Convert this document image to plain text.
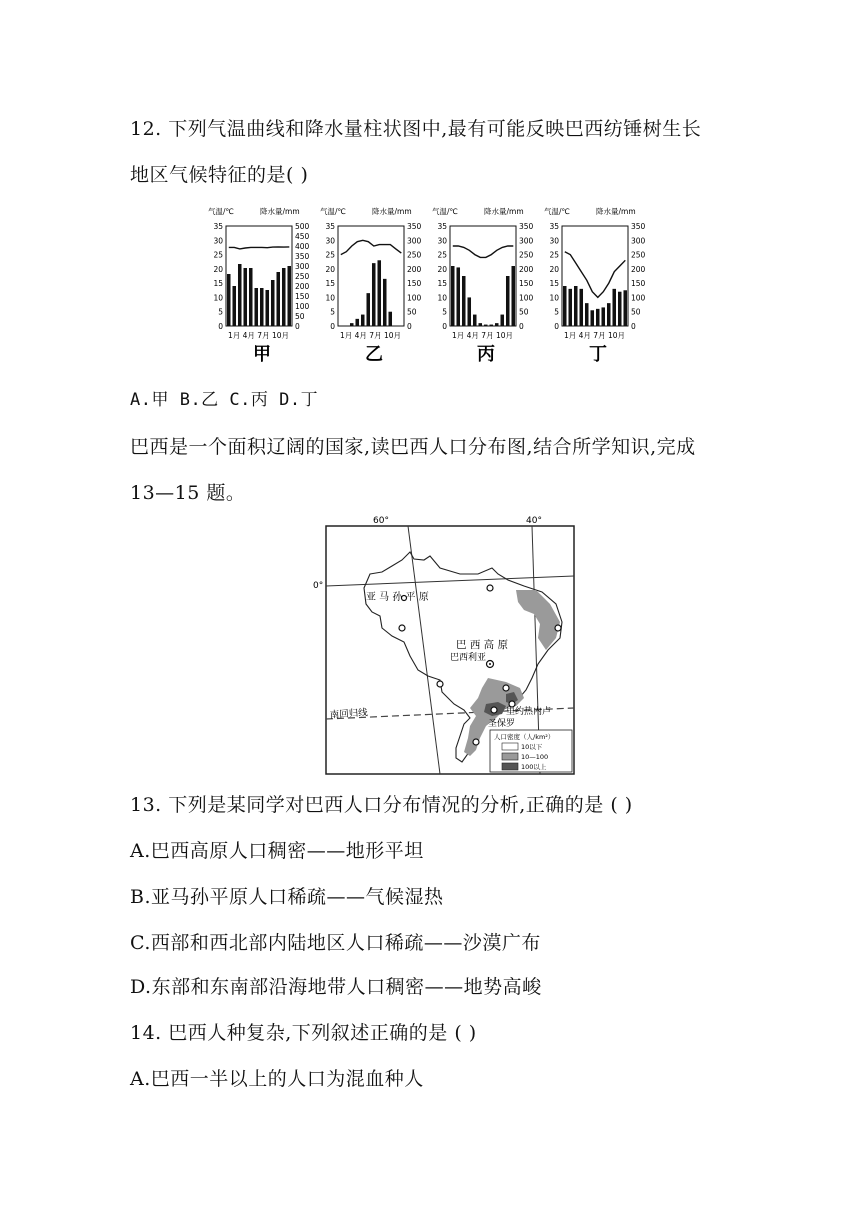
12. 下列气温曲线和降水量柱状图中,最有可能反映巴西纺锤树生长
地区气候特征的是( )
气温/℃	降水量/mm
35
30
25
20
15
10
5
0
500
450
400
350
300
250
200
150
100
50
0
1月 4月 7月 10月
甲
气温/℃	降水量/mm
35
30
25
20
15
10
5
0
350
300
250
200
150
100
50
0
1月 4月 7月 10月
乙
气温/℃	降水量/mm
35
30
25
20
15
10
5
0
350
300
250
200
150
100
50
0
1月 4月 7月 10月
丙
气温/℃	降水量/mm
35
30
25
20
15
10
5
0
350
300
250
200
150
100
50
0
1月 4月 7月 10月
丁
A.甲 B.乙 C.丙 D.丁
巴西是一个面积辽阔的国家,读巴西人口分布图,结合所学知识,完成
13—15 题。
60°	40°
0°
亚 马 孙 平 原
巴 西 高 原
巴西利亚
里约热内卢
圣保罗
南回归线
人口密度（人/km²）
10以下
10—100
100以上
13. 下列是某同学对巴西人口分布情况的分析,正确的是 ( )
A.巴西高原人口稠密——地形平坦
B.亚马孙平原人口稀疏——气候湿热
C.西部和西北部内陆地区人口稀疏——沙漠广布
D.东部和东南部沿海地带人口稠密——地势高峻
14. 巴西人种复杂,下列叙述正确的是 ( )
A.巴西一半以上的人口为混血种人
